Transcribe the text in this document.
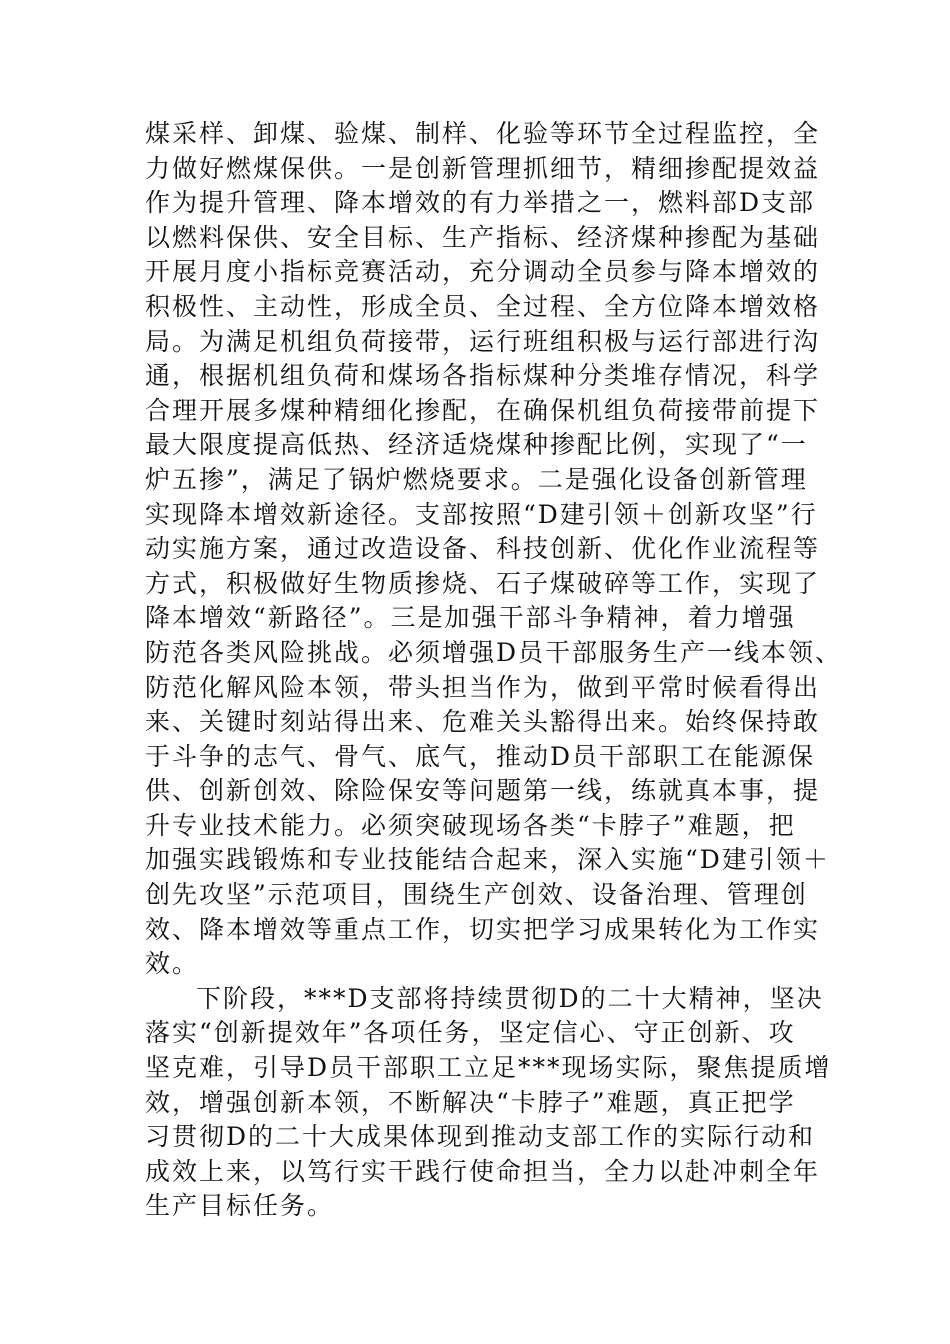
煤采样、卸煤、验煤、制样、化验等环节全过程监控，全
力做好燃煤保供。一是创新管理抓细节，精细掺配提效益
作为提升管理、降本增效的有力举措之一，燃料部D支部
以燃料保供、安全目标、生产指标、经济煤种掺配为基础
开展月度小指标竞赛活动，充分调动全员参与降本增效的
积极性、主动性，形成全员、全过程、全方位降本增效格
局。为满足机组负荷接带，运行班组积极与运行部进行沟
通，根据机组负荷和煤场各指标煤种分类堆存情况，科学
合理开展多煤种精细化掺配，在确保机组负荷接带前提下
最大限度提高低热、经济适烧煤种掺配比例，实现了“一
炉五掺”，满足了锅炉燃烧要求。二是强化设备创新管理
实现降本增效新途径。支部按照“D建引领＋创新攻坚”行
动实施方案，通过改造设备、科技创新、优化作业流程等
方式，积极做好生物质掺烧、石子煤破碎等工作，实现了
降本增效“新路径”。三是加强干部斗争精神，着力增强
防范各类风险挑战。必须增强D员干部服务生产一线本领、
防范化解风险本领，带头担当作为，做到平常时候看得出
来、关键时刻站得出来、危难关头豁得出来。始终保持敢
于斗争的志气、骨气、底气，推动D员干部职工在能源保
供、创新创效、除险保安等问题第一线，练就真本事，提
升专业技术能力。必须突破现场各类“卡脖子”难题，把
加强实践锻炼和专业技能结合起来，深入实施“D建引领＋
创先攻坚”示范项目，围绕生产创效、设备治理、管理创
效、降本增效等重点工作，切实把学习成果转化为工作实
效。
下阶段，***D支部将持续贯彻D的二十大精神，坚决
落实“创新提效年”各项任务，坚定信心、守正创新、攻
坚克难，引导D员干部职工立足***现场实际，聚焦提质增
效，增强创新本领，不断解决“卡脖子”难题，真正把学
习贯彻D的二十大成果体现到推动支部工作的实际行动和
成效上来，以笃行实干践行使命担当，全力以赴冲刺全年
生产目标任务。
